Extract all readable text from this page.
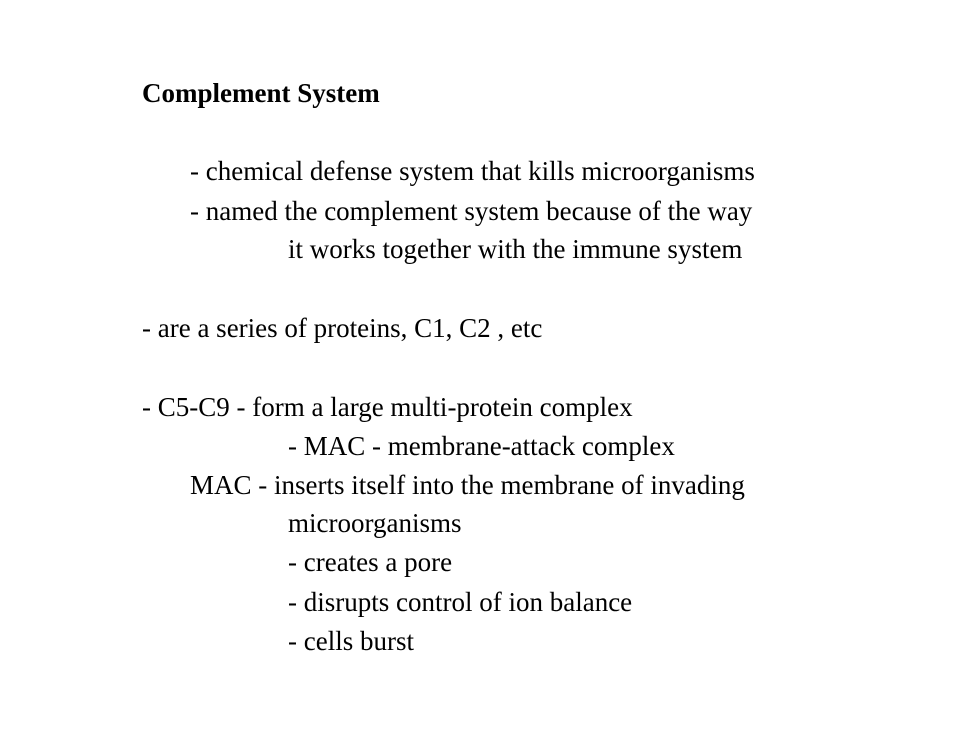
Complement System
- chemical defense system that kills microorganisms
- named the complement system because of the way
it works together with the immune system
- are a series of proteins, C1, C2 , etc
- C5-C9 - form a large multi-protein complex
- MAC - membrane-attack complex
MAC - inserts itself into the membrane of invading
microorganisms
- creates a pore
- disrupts control of ion balance
- cells burst
